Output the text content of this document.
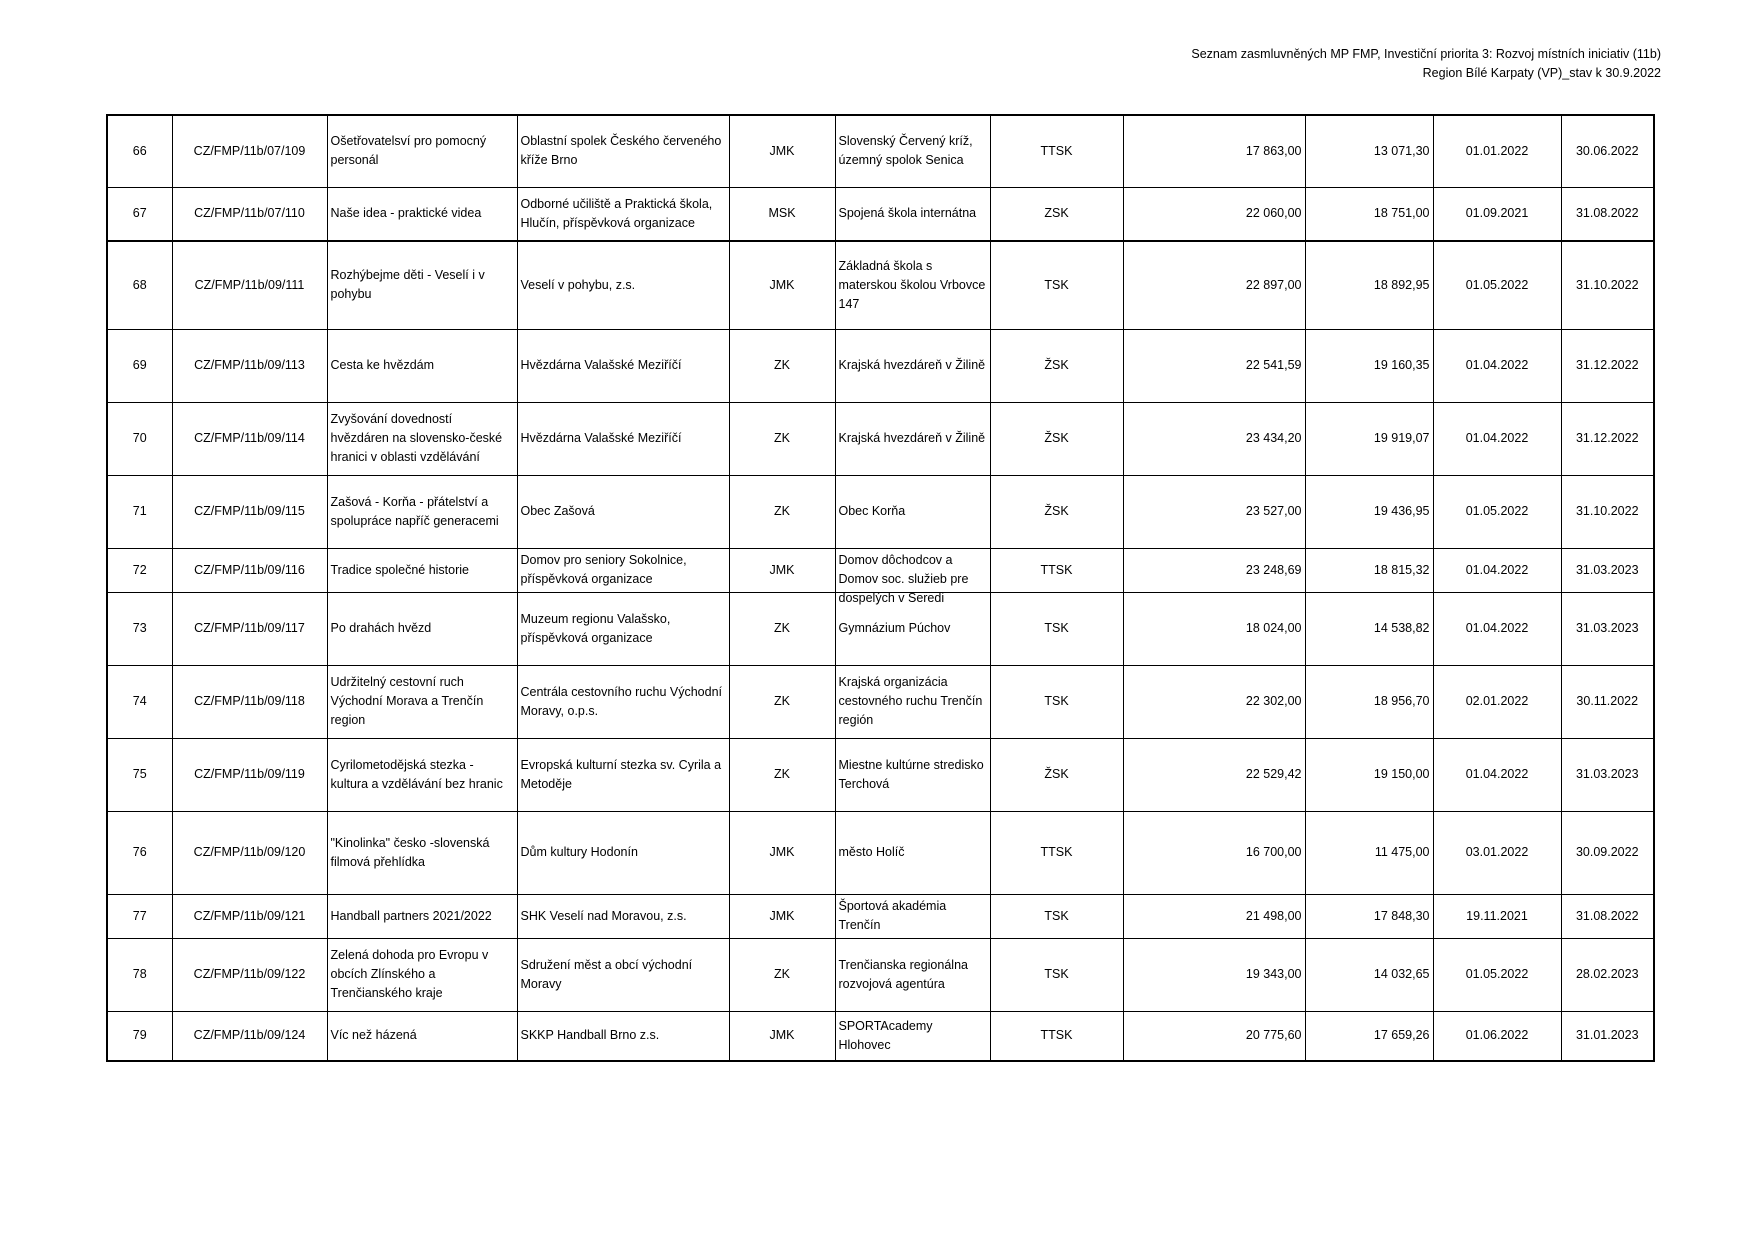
Seznam zasmluvněných MP FMP, Investiční priorita 3: Rozvoj místních iniciativ (11b)
Region Bílé Karpaty (VP)_stav k 30.9.2022
66	CZ/FMP/11b/07/109	Ošetřovatelsví pro pomocný personál	Oblastní spolek Českého červeného kříže Brno	JMK	Slovenský Červený kríž, územný spolok Senica	TTSK	17 863,00	13 071,30	01.01.2022	30.06.2022
67	CZ/FMP/11b/07/110	Naše idea - praktické videa	Odborné učiliště a Praktická škola, Hlučín, příspěvková organizace	MSK	Spojená škola internátna	ZSK	22 060,00	18 751,00	01.09.2021	31.08.2022
68	CZ/FMP/11b/09/111	Rozhýbejme děti - Veselí i v pohybu	Veselí v pohybu, z.s.	JMK	Základná škola s materskou školou Vrbovce 147	TSK	22 897,00	18 892,95	01.05.2022	31.10.2022
69	CZ/FMP/11b/09/113	Cesta ke hvězdám	Hvězdárna Valašské Meziříčí	ZK	Krajská hvezdáreň v Žilině	ŽSK	22 541,59	19 160,35	01.04.2022	31.12.2022
70	CZ/FMP/11b/09/114	Zvyšování dovedností hvězdáren na slovensko-české hranici v oblasti vzdělávání	Hvězdárna Valašské Meziříčí	ZK	Krajská hvezdáreň v Žilině	ŽSK	23 434,20	19 919,07	01.04.2022	31.12.2022
71	CZ/FMP/11b/09/115	Zašová - Korňa - přátelství a spolupráce napříč generacemi	Obec Zašová	ZK	Obec Korňa	ŽSK	23 527,00	19 436,95	01.05.2022	31.10.2022
72	CZ/FMP/11b/09/116	Tradice společné historie	Domov pro seniory Sokolnice, příspěvková organizace	JMK	Domov dôchodcov a Domov soc. služieb pre dospelých v Seredi	TTSK	23 248,69	18 815,32	01.04.2022	31.03.2023
73	CZ/FMP/11b/09/117	Po drahách hvězd	Muzeum regionu Valašsko, příspěvková organizace	ZK	Gymnázium Púchov	TSK	18 024,00	14 538,82	01.04.2022	31.03.2023
74	CZ/FMP/11b/09/118	Udržitelný cestovní ruch Východní Morava a Trenčín region	Centrála cestovního ruchu Východní Moravy, o.p.s.	ZK	Krajská organizácia cestovného ruchu Trenčín región	TSK	22 302,00	18 956,70	02.01.2022	30.11.2022
75	CZ/FMP/11b/09/119	Cyrilometodějská stezka - kultura a vzdělávání bez hranic	Evropská kulturní stezka sv. Cyrila a Metoděje	ZK	Miestne kultúrne stredisko Terchová	ŽSK	22 529,42	19 150,00	01.04.2022	31.03.2023
76	CZ/FMP/11b/09/120	"Kinolinka" česko -slovenská filmová přehlídka	Dům kultury Hodonín	JMK	město Holíč	TTSK	16 700,00	11 475,00	03.01.2022	30.09.2022
77	CZ/FMP/11b/09/121	Handball partners 2021/2022	SHK Veselí nad Moravou, z.s.	JMK	Športová akadémia Trenčín	TSK	21 498,00	17 848,30	19.11.2021	31.08.2022
78	CZ/FMP/11b/09/122	Zelená dohoda pro Evropu v obcích Zlínského a Trenčianského kraje	Sdružení měst a obcí východní Moravy	ZK	Trenčianska regionálna rozvojová agentúra	TSK	19 343,00	14 032,65	01.05.2022	28.02.2023
79	CZ/FMP/11b/09/124	Víc než házená	SKKP Handball Brno z.s.	JMK	SPORTAcademy Hlohovec	TTSK	20 775,60	17 659,26	01.06.2022	31.01.2023
